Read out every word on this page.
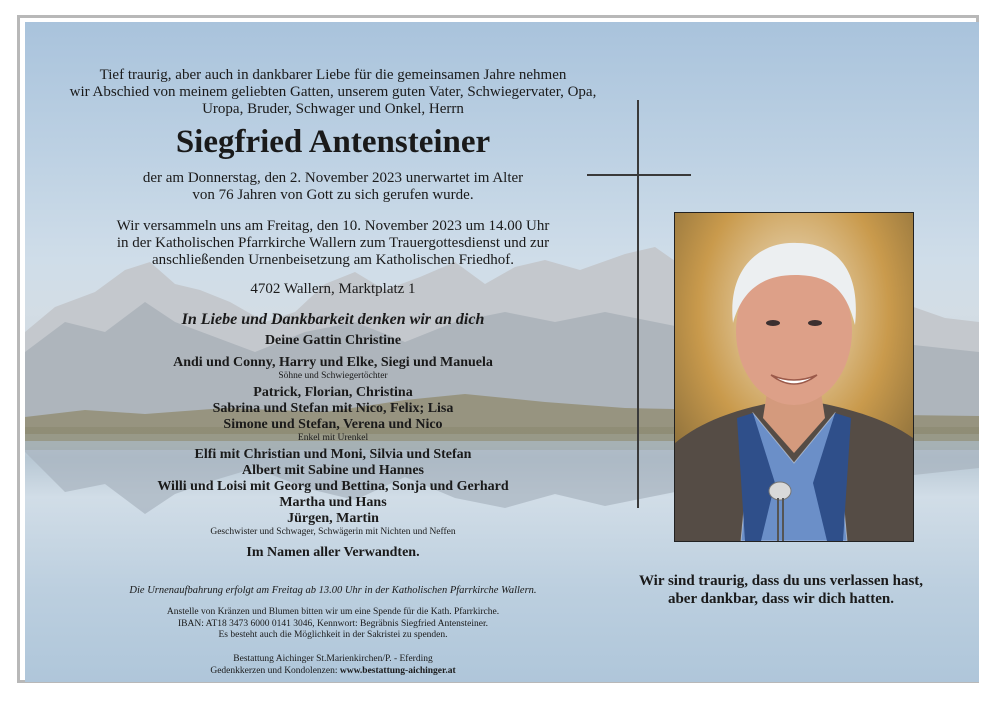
Tief traurig, aber auch in dankbarer Liebe für die gemeinsamen Jahre nehmen
wir Abschied von meinem geliebten Gatten, unserem guten Vater, Schwiegervater, Opa,
Uropa, Bruder, Schwager und Onkel, Herrn
Siegfried Antensteiner
der am Donnerstag, den 2. November 2023 unerwartet im Alter
von 76 Jahren von Gott zu sich gerufen wurde.
Wir versammeln uns am Freitag, den 10. November 2023 um 14.00 Uhr
in der Katholischen Pfarrkirche Wallern zum Trauergottesdienst und zur
anschließenden Urnenbeisetzung am Katholischen Friedhof.
4702 Wallern, Marktplatz 1
In Liebe und Dankbarkeit denken wir an dich
Deine Gattin Christine
Andi und Conny, Harry und Elke, Siegi und Manuela
Söhne und Schwiegertöchter
Patrick, Florian, Christina
Sabrina und Stefan mit Nico, Felix; Lisa
Simone und Stefan, Verena und Nico
Enkel mit Urenkel
Elfi mit Christian und Moni, Silvia und Stefan
Albert mit Sabine und Hannes
Willi und Loisi mit Georg und Bettina, Sonja und Gerhard
Martha und Hans
Jürgen, Martin
Geschwister und Schwager, Schwägerin mit Nichten und Neffen
Im Namen aller Verwandten.
Die Urnenaufbahrung erfolgt am Freitag ab 13.00 Uhr in der Katholischen Pfarrkirche Wallern.
Anstelle von Kränzen und Blumen bitten wir um eine Spende für die Kath. Pfarrkirche.
IBAN: AT18 3473 6000 0141 3046, Kennwort: Begräbnis Siegfried Antensteiner.
Es besteht auch die Möglichkeit in der Sakristei zu spenden.
Bestattung Aichinger St.Marienkirchen/P. - Eferding
Gedenkkerzen und Kondolenzen: www.bestattung-aichinger.at
Wir sind traurig, dass du uns verlassen hast,
aber dankbar, dass wir dich hatten.
